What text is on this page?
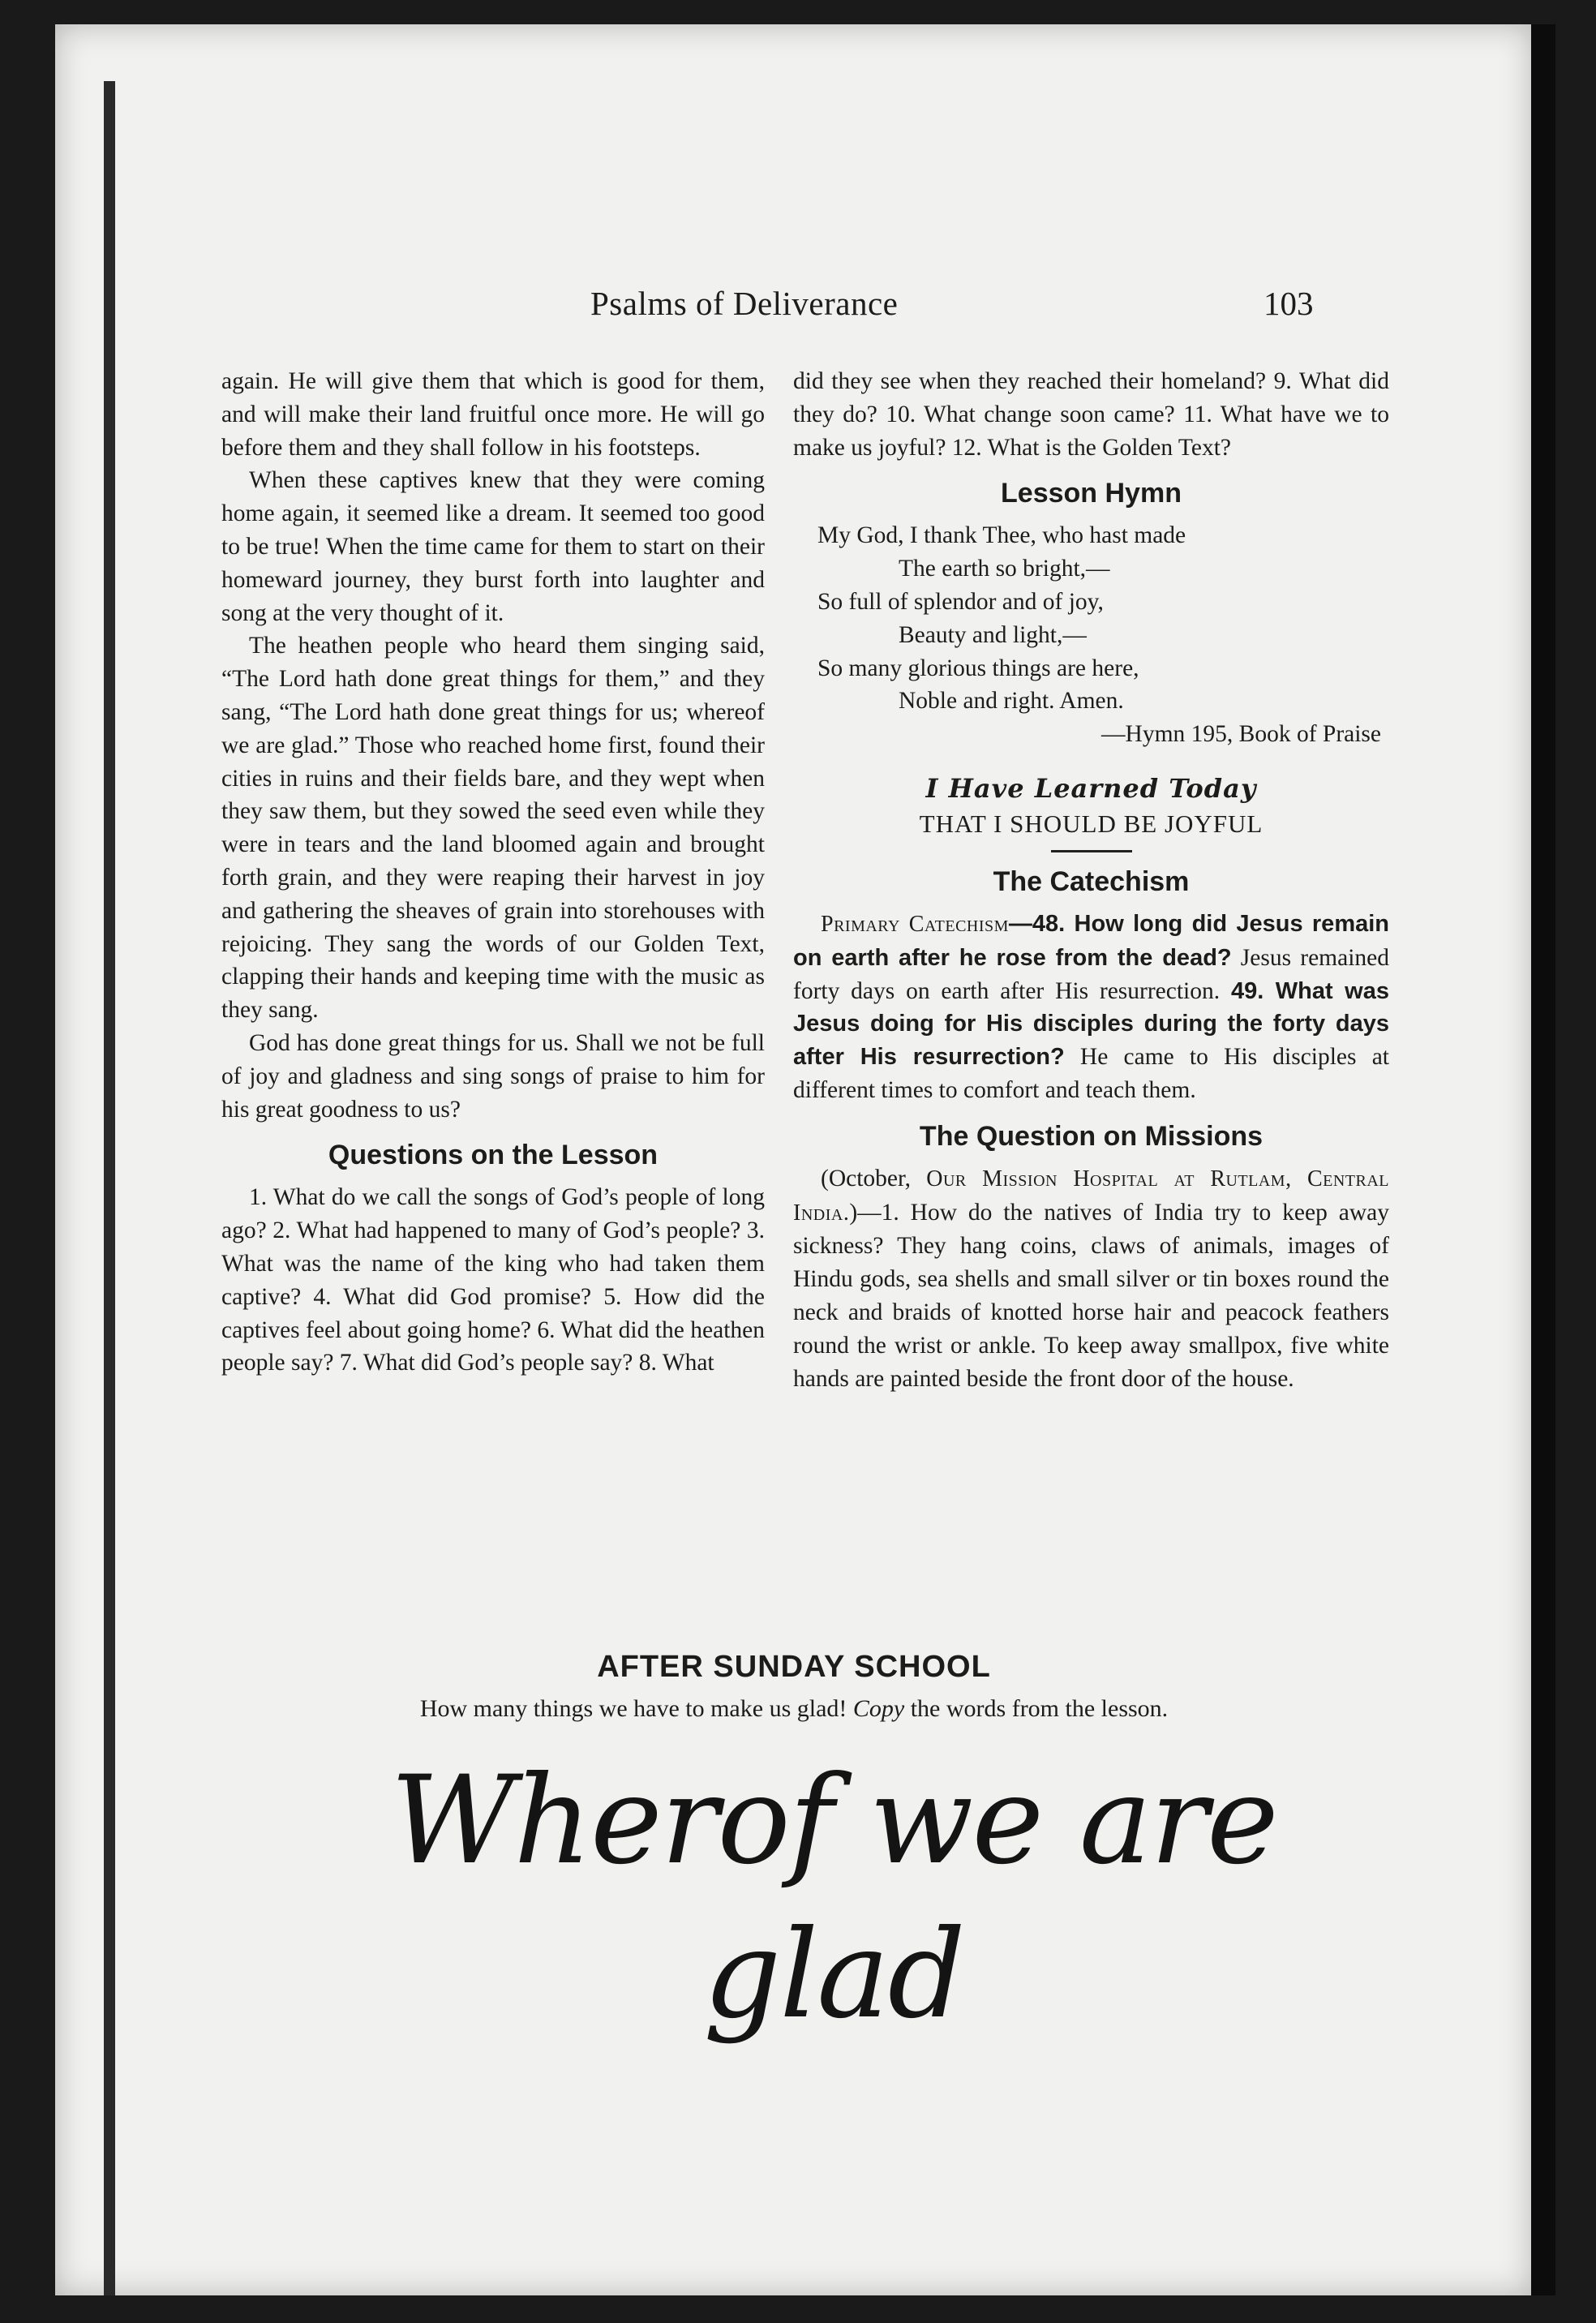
Psalms of Deliverance	103

again. He will give them that which is good for them, and will make their land fruitful once more. He will go before them and they shall follow in his footsteps.

When these captives knew that they were coming home again, it seemed like a dream. It seemed too good to be true! When the time came for them to start on their homeward journey, they burst forth into laughter and song at the very thought of it.

The heathen people who heard them singing said, “The Lord hath done great things for them,” and they sang, “The Lord hath done great things for us; whereof we are glad.” Those who reached home first, found their cities in ruins and their fields bare, and they wept when they saw them, but they sowed the seed even while they were in tears and the land bloomed again and brought forth grain, and they were reaping their harvest in joy and gathering the sheaves of grain into storehouses with rejoicing. They sang the words of our Golden Text, clapping their hands and keeping time with the music as they sang.

God has done great things for us. Shall we not be full of joy and gladness and sing songs of praise to him for his great goodness to us?

Questions on the Lesson

1. What do we call the songs of God’s people of long ago? 2. What had happened to many of God’s people? 3. What was the name of the king who had taken them captive? 4. What did God promise? 5. How did the captives feel about going home? 6. What did the heathen people say? 7. What did God’s people say? 8. What

did they see when they reached their homeland? 9. What did they do? 10. What change soon came? 11. What have we to make us joyful? 12. What is the Golden Text?

Lesson Hymn
My God, I thank Thee, who hast made
The earth so bright,—
So full of splendor and of joy,
Beauty and light,—
So many glorious things are here,
Noble and right. Amen.
—Hymn 195, Book of Praise
I Have Learned Today
THAT I SHOULD BE JOYFUL
The Catechism

Primary Catechism—48. How long did Jesus remain on earth after he rose from the dead? Jesus remained forty days on earth after His resurrection. 49. What was Jesus doing for His disciples during the forty days after His resurrection? He came to His disciples at different times to comfort and teach them.

The Question on Missions

(October, Our Mission Hospital at Rutlam, Central India.)—1. How do the natives of India try to keep away sickness? They hang coins, claws of animals, images of Hindu gods, sea shells and small silver or tin boxes round the neck and braids of knotted horse hair and peacock feathers round the wrist or ankle. To keep away smallpox, five white hands are painted beside the front door of the house.

AFTER SUNDAY SCHOOL
How many things we have to make us glad! Copy the words from the lesson.
Wherof we are glad
